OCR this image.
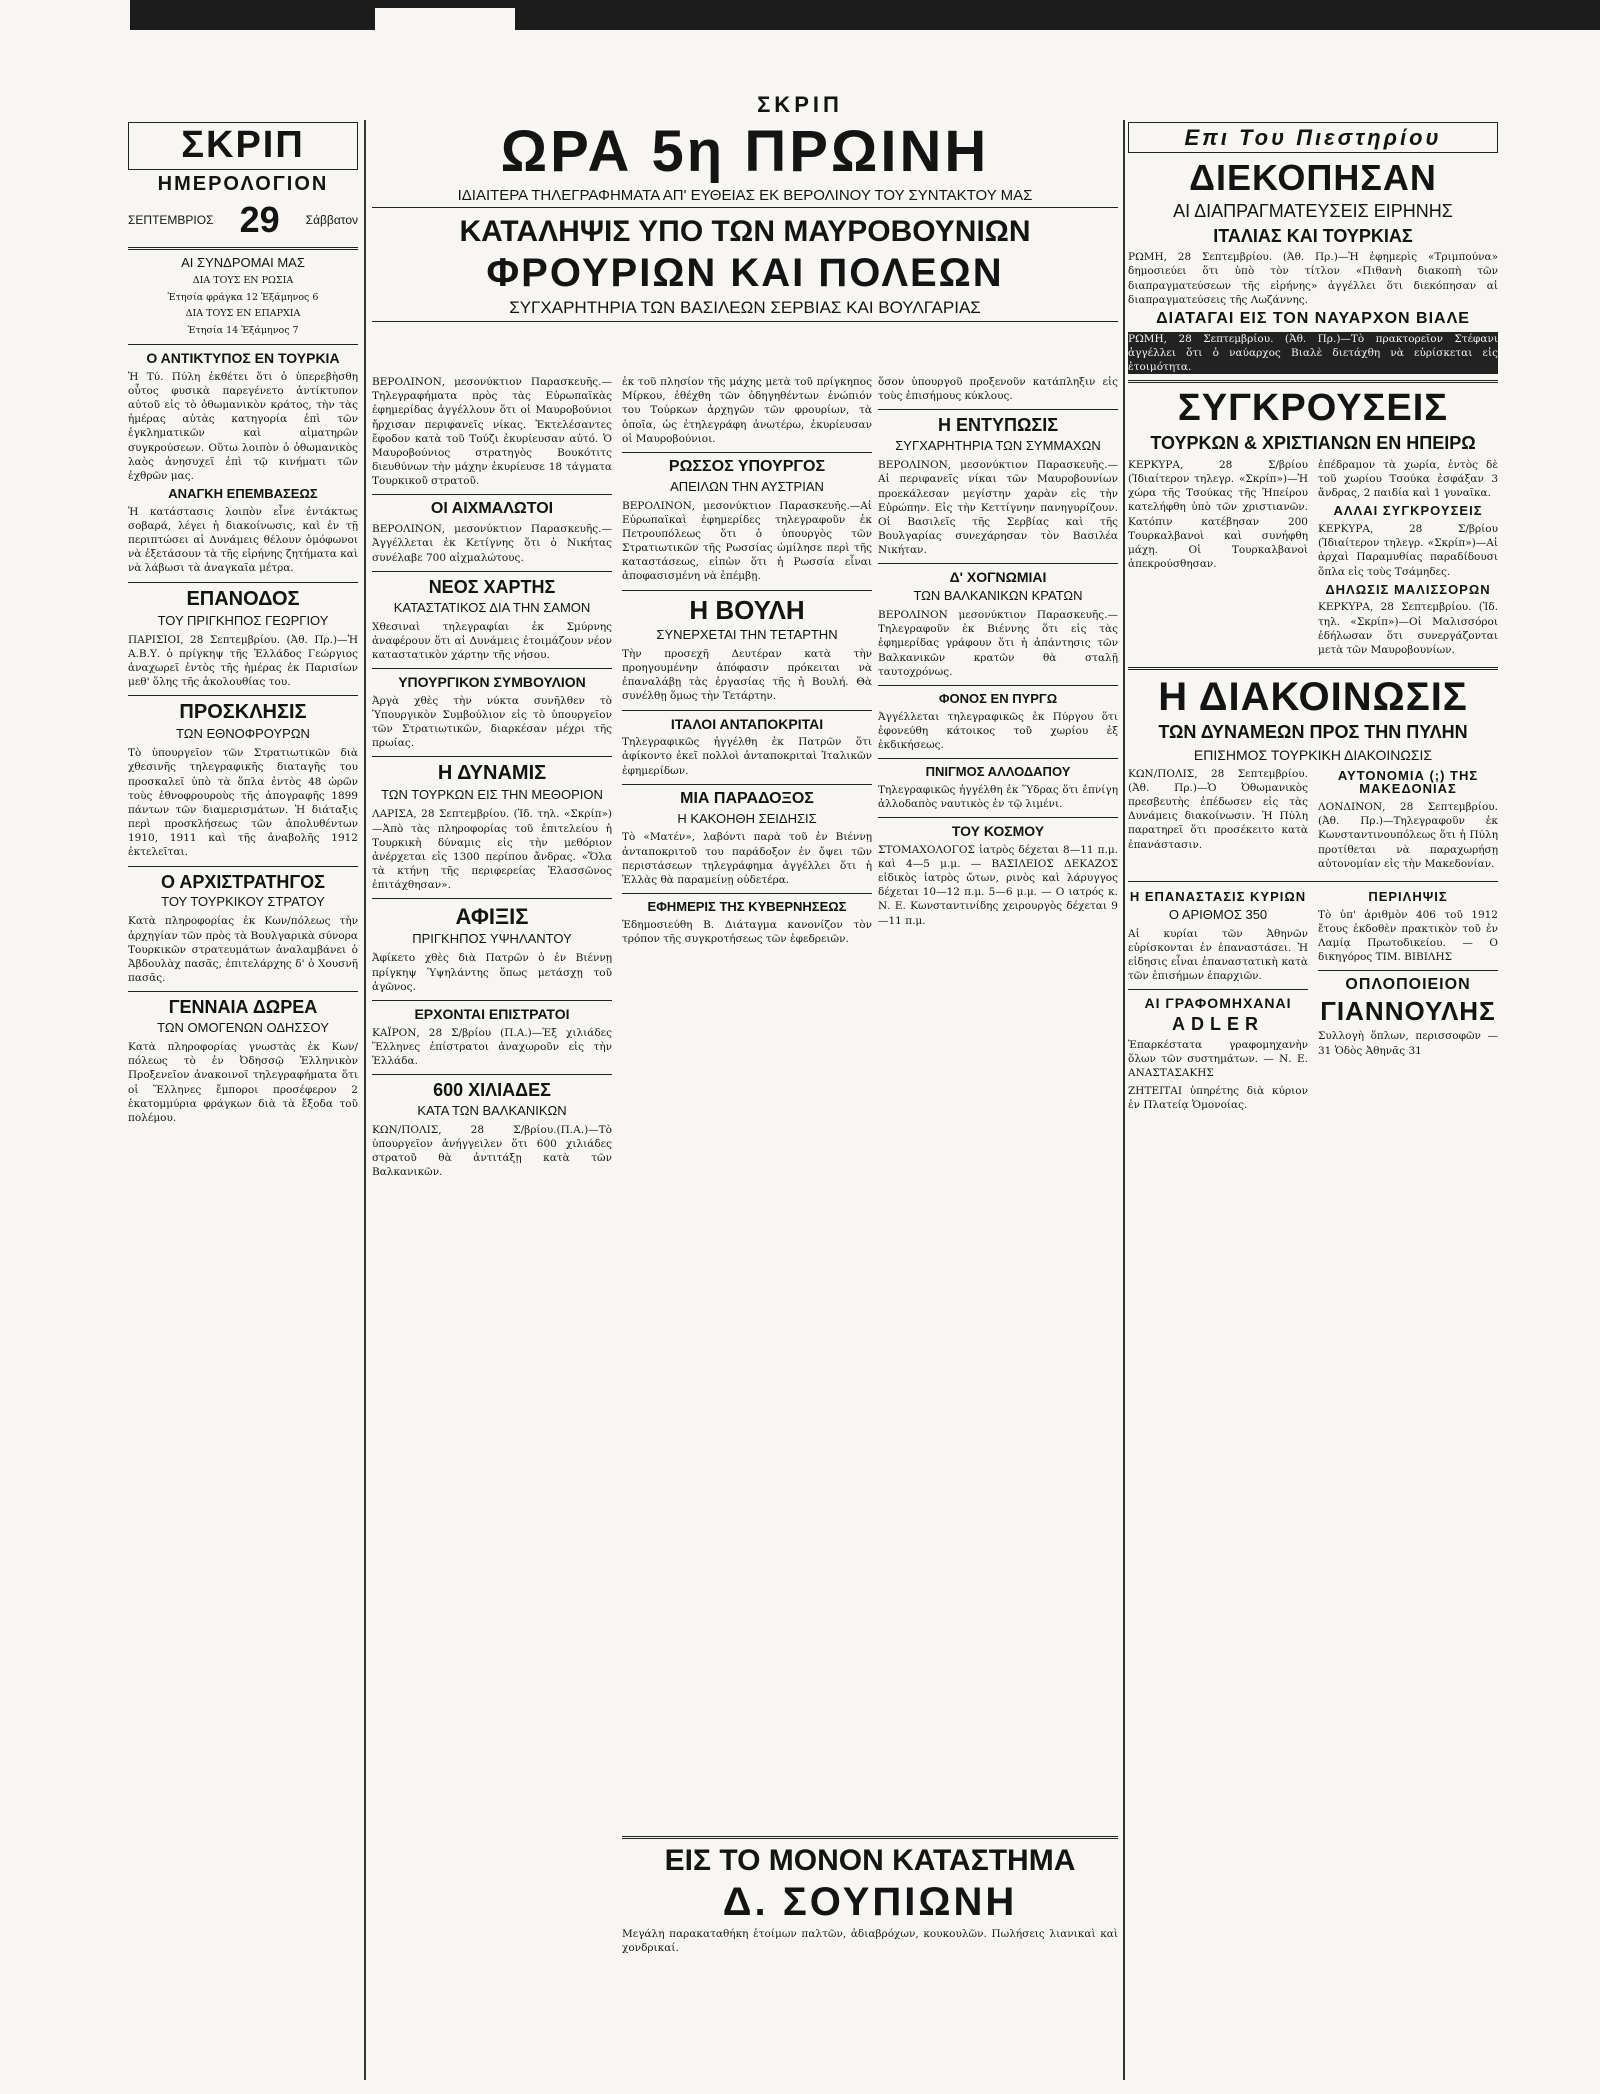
ΣΚΡΙΠ
ΣΚΡΙΠ
ΗΜΕΡΟΛΟΓΙΟΝ
ΣΕΠΤΕΜΒΡΙΟΣ 29 Σάββατον
ΑΙ ΣΥΝΔΡΟΜΑΙ ΜΑΣ

ΔΙΑ ΤΟΥΣ ΕΝ ΡΩΣΙΑ

Ἐτησία φράγκα 12 Ἑξάμηνος 6

ΔΙΑ ΤΟΥΣ ΕΝ ΕΠΑΡΧΙΑ

Ἐτησία 14 Ἑξάμηνος 7

Ο ΑΝΤΙΚΤΥΠΟΣ ΕΝ ΤΟΥΡΚΙΑ

Ἡ Τύ. Πύλη ἐκθέτει ὅτι ὁ ὑπερεβὴσθη οὗτος φυσικὰ παρεγένετο ἀντίκτυπον αὐτοῦ εἰς τὸ ὀθωμανικὸν κράτος, τὴν τὰς ἡμέρας αὐτὰς κατηγορία ἐπὶ τῶν ἐγκληματικῶν καὶ αἱματηρῶν συγκρούσεων. Οὕτω λοιπὸν ὁ ὀθωμανικὸς λαὸς ἀνησυχεῖ ἐπὶ τῷ κινήματι τῶν ἐχθρῶν μας.

ΑΝΑΓΚΗ ΕΠΕΜΒΑΣΕΩΣ

Ἡ κατάστασις λοιπὸν εἶνε ἐντάκτως σοβαρά, λέγει ἡ διακοίνωσις, καὶ ἐν τῇ περιπτώσει αἱ Δυνάμεις θέλουν ὁμόφωνοι νὰ ἐξετάσουν τὰ τῆς εἰρήνης ζητήματα καὶ νὰ λάβωσι τὰ ἀναγκαῖα μέτρα.

ΕΠΑΝΟΔΟΣ
ΤΟΥ ΠΡΙΓΚΗΠΟΣ ΓΕΩΡΓΙΟΥ

ΠΑΡΙΣΙΟΙ, 28 Σεπτεμβρίου. (Ἀθ. Πρ.)—Ἡ Α.Β.Υ. ὁ πρίγκηψ τῆς Ἑλλάδος Γεώργιος ἀναχωρεῖ ἐντὸς τῆς ἡμέρας ἐκ Παρισίων μεθ' ὅλης τῆς ἀκολουθίας του.

ΠΡΟΣΚΛΗΣΙΣ
ΤΩΝ ΕΘΝΟΦΡΟΥΡΩΝ

Τὸ ὑπουργεῖον τῶν Στρατιωτικῶν διὰ χθεσινῆς τηλεγραφικῆς διαταγῆς του προσκαλεῖ ὑπὸ τὰ ὅπλα ἐντὸς 48 ὡρῶν τοὺς ἐθνοφρουροὺς τῆς ἀπογραφῆς 1899 πάντων τῶν διαμερισμάτων. Ἡ διάταξις περὶ προσκλήσεως τῶν ἀπολυθέντων 1910, 1911 καὶ τῆς ἀναβολῆς 1912 ἐκτελεῖται.

Ο ΑΡΧΙΣΤΡΑΤΗΓΟΣ
ΤΟΥ ΤΟΥΡΚΙΚΟΥ ΣΤΡΑΤΟΥ

Κατὰ πληροφορίας ἐκ Κων/πόλεως τὴν ἀρχηγίαν τῶν πρὸς τὰ Βουλγαρικὰ σύνορα Τουρκικῶν στρατευμάτων ἀναλαμβάνει ὁ Ἀβδουλὰχ πασᾶς, ἐπιτελάρχης δ' ὁ Χουσνῆ πασᾶς.

ΓΕΝΝΑΙΑ ΔΩΡΕΑ
ΤΩΝ ΟΜΟΓΕΝΩΝ ΟΔΗΣΣΟΥ

Κατὰ πληροφορίας γνωστὰς ἐκ Κων/πόλεως τὸ ἐν Ὀδησσῷ Ἑλληνικὸν Προξενεῖον ἀνακοινοῖ τηλεγραφήματα ὅτι οἱ Ἕλληνες ἔμποροι προσέφερον 2 ἑκατομμύρια φράγκων διὰ τὰ ἔξοδα τοῦ πολέμου.

ΩΡΑ 5η ΠΡΩΙΝΗ
ΙΔΙΑΙΤΕΡΑ ΤΗΛΕΓΡΑΦΗΜΑΤΑ ΑΠ' ΕΥΘΕΙΑΣ ΕΚ ΒΕΡΟΛΙΝΟΥ ΤΟΥ ΣΥΝΤΑΚΤΟΥ ΜΑΣ
ΚΑΤΑΛΗΨΙΣ ΥΠΟ ΤΩΝ ΜΑΥΡΟΒΟΥΝΙΩΝ
ΦΡΟΥΡΙΩΝ ΚΑΙ ΠΟΛΕΩΝ
ΣΥΓΧΑΡΗΤΗΡΙΑ ΤΩΝ ΒΑΣΙΛΕΩΝ ΣΕΡΒΙΑΣ ΚΑΙ ΒΟΥΛΓΑΡΙΑΣ

ΒΕΡΟΛΙΝΟΝ, μεσονύκτιον Παρασκευῆς.—Τηλεγραφήματα πρὸς τὰς Εὐρωπαϊκὰς ἐφημερίδας ἀγγέλλουν ὅτι οἱ Μαυροβούνιοι ἤρχισαν περιφανεῖς νίκας. Ἐκτελέσαντες ἔφοδον κατὰ τοῦ Τούζι ἐκυρίευσαν αὐτό. Ὁ Μαυροβούνιος στρατηγὸς Βουκότιτς διευθύνων τὴν μάχην ἐκυρίευσε 18 τάγματα Τουρκικοῦ στρατοῦ.

ΟΙ ΑΙΧΜΑΛΩΤΟΙ

ΒΕΡΟΛΙΝΟΝ, μεσονύκτιον Παρασκευῆς.—Ἀγγέλλεται ἐκ Κετίγνης ὅτι ὁ Νικήτας συνέλαβε 700 αἰχμαλώτους.

ΝΕΟΣ ΧΑΡΤΗΣ
ΚΑΤΑΣΤΑΤΙΚΟΣ ΔΙΑ ΤΗΝ ΣΑΜΟΝ

Χθεσιναὶ τηλεγραφίαι ἐκ Σμύρνης ἀναφέρουν ὅτι αἱ Δυνάμεις ἐτοιμάζουν νέον καταστατικὸν χάρτην τῆς νήσου.

ΥΠΟΥΡΓΙΚΟΝ ΣΥΜΒΟΥΛΙΟΝ

Ἀργὰ χθὲς τὴν νύκτα συνῆλθεν τὸ Ὑπουργικὸν Συμβούλιον εἰς τὸ ὑπουργεῖον τῶν Στρατιωτικῶν, διαρκέσαν μέχρι τῆς πρωίας.

Η ΔΥΝΑΜΙΣ
ΤΩΝ ΤΟΥΡΚΩΝ ΕΙΣ ΤΗΝ ΜΕΘΟΡΙΟΝ

ΛΑΡΙΣΑ, 28 Σεπτεμβρίου. (Ἰδ. τηλ. «Σκρίπ»)—Ἀπὸ τὰς πληροφορίας τοῦ ἐπιτελείου ἡ Τουρκικὴ δύναμις εἰς τὴν μεθόριον ἀνέρχεται εἰς 1300 περίπου ἄνδρας. «Ὅλα τὰ κτήνη τῆς περιφερείας Ἐλασσῶνος ἐπιτάχθησαν».

ΑΦΙΞΙΣ
ΠΡΙΓΚΗΠΟΣ ΥΨΗΛΑΝΤΟΥ

Ἀφίκετο χθὲς διὰ Πατρῶν ὁ ἐν Βιέννῃ πρίγκηψ Ὑψηλάντης ὅπως μετάσχῃ τοῦ ἀγῶνος.

ΕΡΧΟΝΤΑΙ ΕΠΙΣΤΡΑΤΟΙ

ΚΑΪΡΟΝ, 28 Σ/βρίου (Π.Α.)—Ἐξ χιλιάδες Ἕλληνες ἐπίστρατοι ἀναχωροῦν εἰς τὴν Ἑλλάδα.

600 ΧΙΛΙΑΔΕΣ
ΚΑΤΑ ΤΩΝ ΒΑΛΚΑΝΙΚΩΝ

ΚΩΝ/ΠΟΛΙΣ, 28 Σ/βρίου.(Π.Α.)—Τὸ ὑπουργεῖον ἀνήγγειλεν ὅτι 600 χιλιάδες στρατοῦ θὰ ἀντιτάξῃ κατὰ τῶν Βαλκανικῶν.

ἐκ τοῦ πλησίον τῆς μάχης μετὰ τοῦ πρίγκηπος Μίρκου, ἐθέχθη τῶν ὀδηγηθέντων ἐνώπιόν του Τούρκων ἀρχηγῶν τῶν φρουρίων, τὰ ὁποῖα, ὡς ἐτηλεγράφη ἀνωτέρω, ἐκυρίευσαν οἱ Μαυροβούνιοι.

ΡΩΣΣΟΣ ΥΠΟΥΡΓΟΣ
ΑΠΕΙΛΩΝ ΤΗΝ ΑΥΣΤΡΙΑΝ

ΒΕΡΟΛΙΝΟΝ, μεσονύκτιον Παρασκευῆς.—Αἱ Εὐρωπαϊκαὶ ἐφημερίδες τηλεγραφοῦν ἐκ Πετρουπόλεως ὅτι ὁ ὑπουργὸς τῶν Στρατιωτικῶν τῆς Ρωσσίας ὡμίλησε περὶ τῆς καταστάσεως, εἰπὼν ὅτι ἡ Ρωσσία εἶναι ἀποφασισμένη νὰ ἐπέμβῃ.

Η ΒΟΥΛΗ
ΣΥΝΕΡΧΕΤΑΙ ΤΗΝ ΤΕΤΑΡΤΗΝ

Τὴν προσεχῆ Δευτέραν κατὰ τὴν προηγουμένην ἀπόφασιν πρόκειται νὰ ἐπαναλάβῃ τὰς ἐργασίας τῆς ἡ Βουλή. Θὰ συνέλθῃ ὅμως τὴν Τετάρτην.

ΙΤΑΛΟΙ ΑΝΤΑΠΟΚΡΙΤΑΙ

Τηλεγραφικῶς ἠγγέλθη ἐκ Πατρῶν ὅτι ἀφίκοντο ἐκεῖ πολλοὶ ἀνταποκριταὶ Ἰταλικῶν ἐφημερίδων.

ΜΙΑ ΠΑΡΑΔΟΞΟΣ
Η ΚΑΚΟΗΘΗ ΣΕΙΔΗΣΙΣ

Τὸ «Ματέν», λαβόντι παρὰ τοῦ ἐν Βιέννῃ ἀνταποκριτοῦ του παράδοξον ἐν ὄψει τῶν περιστάσεων τηλεγράφημα ἀγγέλλει ὅτι ἡ Ἑλλὰς θὰ παραμείνῃ οὐδετέρα.

ΕΦΗΜΕΡΙΣ ΤΗΣ ΚΥΒΕΡΝΗΣΕΩΣ

Ἐδημοσιεύθη Β. Διάταγμα κανονίζον τὸν τρόπον τῆς συγκροτήσεως τῶν ἐφεδρειῶν.

ὅσον ὑπουργοῦ προξενοῦν κατάπληξιν εἰς τοὺς ἐπισήμους κύκλους.

Η ΕΝΤΥΠΩΣΙΣ
ΣΥΓΧΑΡΗΤΗΡΙΑ ΤΩΝ ΣΥΜΜΑΧΩΝ

ΒΕΡΟΛΙΝΟΝ, μεσονύκτιον Παρασκευῆς.—Αἱ περιφανεῖς νίκαι τῶν Μαυροβουνίων προεκάλεσαν μεγίστην χαρὰν εἰς τὴν Εὐρώπην. Εἰς τὴν Κεττίγνην πανηγυρίζουν. Οἱ Βασιλεῖς τῆς Σερβίας καὶ τῆς Βουλγαρίας συνεχάρησαν τὸν Βασιλέα Νικήταν.

Δ' ΧΟΓΝΩΜΙΑΙ
ΤΩΝ ΒΑΛΚΑΝΙΚΩΝ ΚΡΑΤΩΝ

ΒΕΡΟΛΙΝΟΝ μεσονύκτιον Παρασκευῆς.—Τηλεγραφοῦν ἐκ Βιέννης ὅτι εἰς τὰς ἐφημερίδας γράφουν ὅτι ἡ ἀπάντησις τῶν Βαλκανικῶν κρατῶν θὰ σταλῇ ταυτοχρόνως.

ΦΟΝΟΣ ΕΝ ΠΥΡΓΩ

Ἀγγέλλεται τηλεγραφικῶς ἐκ Πύργου ὅτι ἐφονεύθη κάτοικος τοῦ χωρίου ἐξ ἐκδικήσεως.

ΠΝΙΓΜΟΣ ΑΛΛΟΔΑΠΟΥ

Τηλεγραφικῶς ἠγγέλθη ἐκ Ὕδρας ὅτι ἐπνίγη ἀλλοδαπὸς ναυτικὸς ἐν τῷ λιμένι.

ΤΟΥ ΚΟΣΜΟΥ

ΣΤΟΜΑΧΟΛΟΓΟΣ ἰατρὸς δέχεται 8—11 π.μ. καὶ 4—5 μ.μ. — ΒΑΣΙΛΕΙΟΣ ΔΕΚΑΖΟΣ εἰδικὸς ἰατρὸς ὤτων, ρινὸς καὶ λάρυγγος δέχεται 10—12 π.μ. 5—6 μ.μ. — Ο ιατρός κ. Ν. Ε. Κωνσταντινίδης χειρουργὸς δέχεται 9—11 π.μ.

ΕΙΣ ΤΟ ΜΟΝΟΝ ΚΑΤΑΣΤΗΜΑ
Δ. ΣΟΥΠΙΩΝΗ

Μεγάλη παρακαταθήκη ἑτοίμων παλτῶν, ἀδιαβρόχων, κουκουλῶν. Πωλήσεις λιανικαὶ καὶ χονδρικαί.

Επι Του Πιεστηρίου
ΔΙΕΚΟΠΗΣΑΝ
ΑΙ ΔΙΑΠΡΑΓΜΑΤΕΥΣΕΙΣ ΕΙΡΗΝΗΣ
ΙΤΑΛΙΑΣ ΚΑΙ ΤΟΥΡΚΙΑΣ

ΡΩΜΗ, 28 Σεπτεμβρίου. (Ἀθ. Πρ.)—Ἡ ἐφημερὶς «Τριμπούνα» δημοσιεύει ὅτι ὑπὸ τὸν τίτλον «Πιθανὴ διακοπὴ τῶν διαπραγματεύσεων τῆς εἰρήνης» ἀγγέλλει ὅτι διεκόπησαν αἱ διαπραγματεύσεις τῆς Λωζάννης.

ΔΙΑΤΑΓΑΙ ΕΙΣ ΤΟΝ ΝΑΥΑΡΧΟΝ ΒΙΑΛΕ

ΡΩΜΗ, 28 Σεπτεμβρίου. (Ἀθ. Πρ.)—Τὸ πρακτορεῖον Στέφανι ἀγγέλλει ὅτι ὁ ναύαρχος Βιαλὲ διετάχθη νὰ εὑρίσκεται εἰς ἑτοιμότητα.

ΣΥΓΚΡΟΥΣΕΙΣ
ΤΟΥΡΚΩΝ & ΧΡΙΣΤΙΑΝΩΝ ΕΝ ΗΠΕΙΡΩ

ΚΕΡΚΥΡΑ, 28 Σ/βρίου (Ἰδιαίτερον τηλεγρ. «Σκρίπ»)—Ἡ χώρα τῆς Τσούκας τῆς Ἠπείρου κατελήφθη ὑπὸ τῶν χριστιανῶν. Κατόπιν κατέβησαν 200 Τουρκαλβανοὶ καὶ συνήφθη μάχη. Οἱ Τουρκαλβανοὶ ἀπεκρούσθησαν.

ἐπέδραμον τὰ χωρία, ἐντὸς δὲ τοῦ χωρίου Τσούκα ἐσφάξαν 3 ἄνδρας, 2 παιδία καὶ 1 γυναῖκα.

ΑΛΛΑΙ ΣΥΓΚΡΟΥΣΕΙΣ

ΚΕΡΚΥΡΑ, 28 Σ/βρίου (Ἰδιαίτερον τηλεγρ. «Σκρίπ»)—Αἱ ἀρχαὶ Παραμυθίας παραδίδουσι ὅπλα εἰς τοὺς Τσάμηδες.

ΔΗΛΩΣΙΣ ΜΑΛΙΣΣΟΡΩΝ

ΚΕΡΚΥΡΑ, 28 Σεπτεμβρίου. (Ἰδ. τηλ. «Σκρίπ»)—Οἱ Μαλισσόροι ἐδήλωσαν ὅτι συνεργάζονται μετὰ τῶν Μαυροβουνίων.

Η ΔΙΑΚΟΙΝΩΣΙΣ
ΤΩΝ ΔΥΝΑΜΕΩΝ ΠΡΟΣ ΤΗΝ ΠΥΛΗΝ
ΕΠΙΣΗΜΟΣ ΤΟΥΡΚΙΚΗ ΔΙΑΚΟΙΝΩΣΙΣ

ΚΩΝ/ΠΟΛΙΣ, 28 Σεπτεμβρίου. (Ἀθ. Πρ.)—Ὁ Ὀθωμανικὸς πρεσβευτὴς ἐπέδωσεν εἰς τὰς Δυνάμεις διακοίνωσιν. Ἡ Πύλη παρατηρεῖ ὅτι προσέκειτο κατὰ ἐπανάστασιν.

ΑΥΤΟΝΟΜΙΑ (;) ΤΗΣ ΜΑΚΕΔΟΝΙΑΣ

ΛΟΝΔΙΝΟΝ, 28 Σεπτεμβρίου. (Ἀθ. Πρ.)—Τηλεγραφοῦν ἐκ Κωνσταντινουπόλεως ὅτι ἡ Πύλη προτίθεται νὰ παραχωρήσῃ αὐτονομίαν εἰς τὴν Μακεδονίαν.

Η ΕΠΑΝΑΣΤΑΣΙΣ ΚΥΡΙΩΝ
Ο ΑΡΙΘΜΟΣ 350

Αἱ κυρίαι τῶν Ἀθηνῶν εὑρίσκονται ἐν ἐπαναστάσει. Ἡ εἰδησις εἶναι ἐπαναστατικὴ κατὰ τῶν ἐπισήμων ἐπαρχιῶν.

ΑΙ ΓΡΑΦΟΜΗΧΑΝΑΙ
ADLER

Ἐπαρκέστατα γραφομηχανὴν ὅλων τῶν συστημάτων. — Ν. Ε. ΑΝΑΣΤΑΣΑΚΗΣ

ΖΗΤΕΙΤΑΙ ὑπηρέτης διὰ κύριον ἐν Πλατείᾳ Ὁμονοίας.

ΠΕΡΙΛΗΨΙΣ

Τὸ ὑπ' ἀριθμὸν 406 τοῦ 1912 ἔτους ἐκδοθὲν πρακτικὸν τοῦ ἐν Λαμίᾳ Πρωτοδικείου. — Ο δικηγόρος ΤΙΜ. ΒΙΒΙΛΗΣ

ΟΠΛΟΠΟΙΕΙΟΝ
ΓΙΑΝΝΟΥΛΗΣ

Συλλογὴ ὅπλων, περισσοφῶν — 31 Ὁδὸς Ἀθηνᾶς 31
